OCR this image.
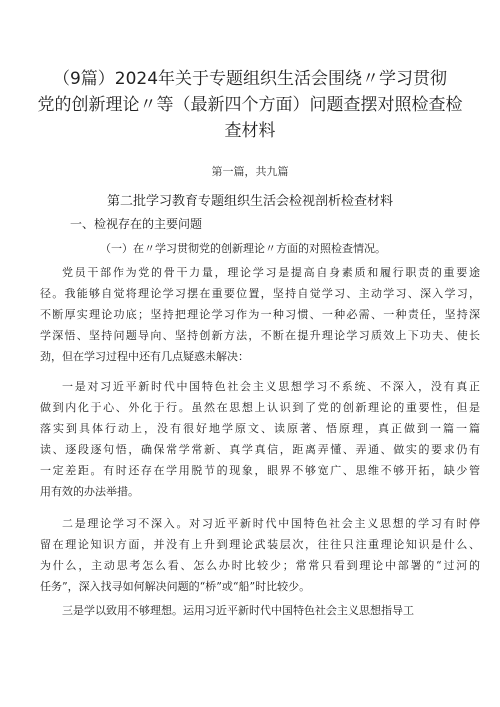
（9篇）2024年关于专题组织生活会围绕〃学习贯彻
党的创新理论〃等（最新四个方面）问题查摆对照检查检
查材料
第一篇，共九篇
第二批学习教育专题组织生活会检视剖析检查材料
一、检视存在的主要问题
（一）在〃学习贯彻党的创新理论〃方面的对照检查情况。
党员干部作为党的骨干力量，理论学习是提高自身素质和履行职责的重要途
径。我能够自觉将理论学习摆在重要位置，坚持自觉学习、主动学习、深入学习，
不断厚实理论功底；坚持把理论学习作为一种习惯、一种必需、一种责任，坚持深
学深悟、坚持问题导向、坚持创新方法，不断在提升理论学习质效上下功夫、使长
劲，但在学习过程中还有几点疑惑未解决：
一是对习近平新时代中国特色社会主义思想学习不系统、不深入，没有真正
做到内化于心、外化于行。虽然在思想上认识到了党的创新理论的重要性，但是
落实到具体行动上，没有很好地学原文、读原著、悟原理，真正做到一篇一篇
读、逐段逐句悟，确保常学常新、真学真信，距离弄懂、弄通、做实的要求仍有
一定差距。有时还存在学用脱节的现象，眼界不够宽广、思维不够开拓，缺少管
用有效的办法举措。
二是理论学习不深入。对习近平新时代中国特色社会主义思想的学习有时停
留在理论知识方面，并没有上升到理论武装层次，往往只注重理论知识是什么、
为什么，主动思考怎么看、怎么办时比较少；常常只看到理论中部署的“过河的
任务”，深入找寻如何解决问题的“桥”或“船”时比较少。
三是学以致用不够理想。运用习近平新时代中国特色社会主义思想指导工
